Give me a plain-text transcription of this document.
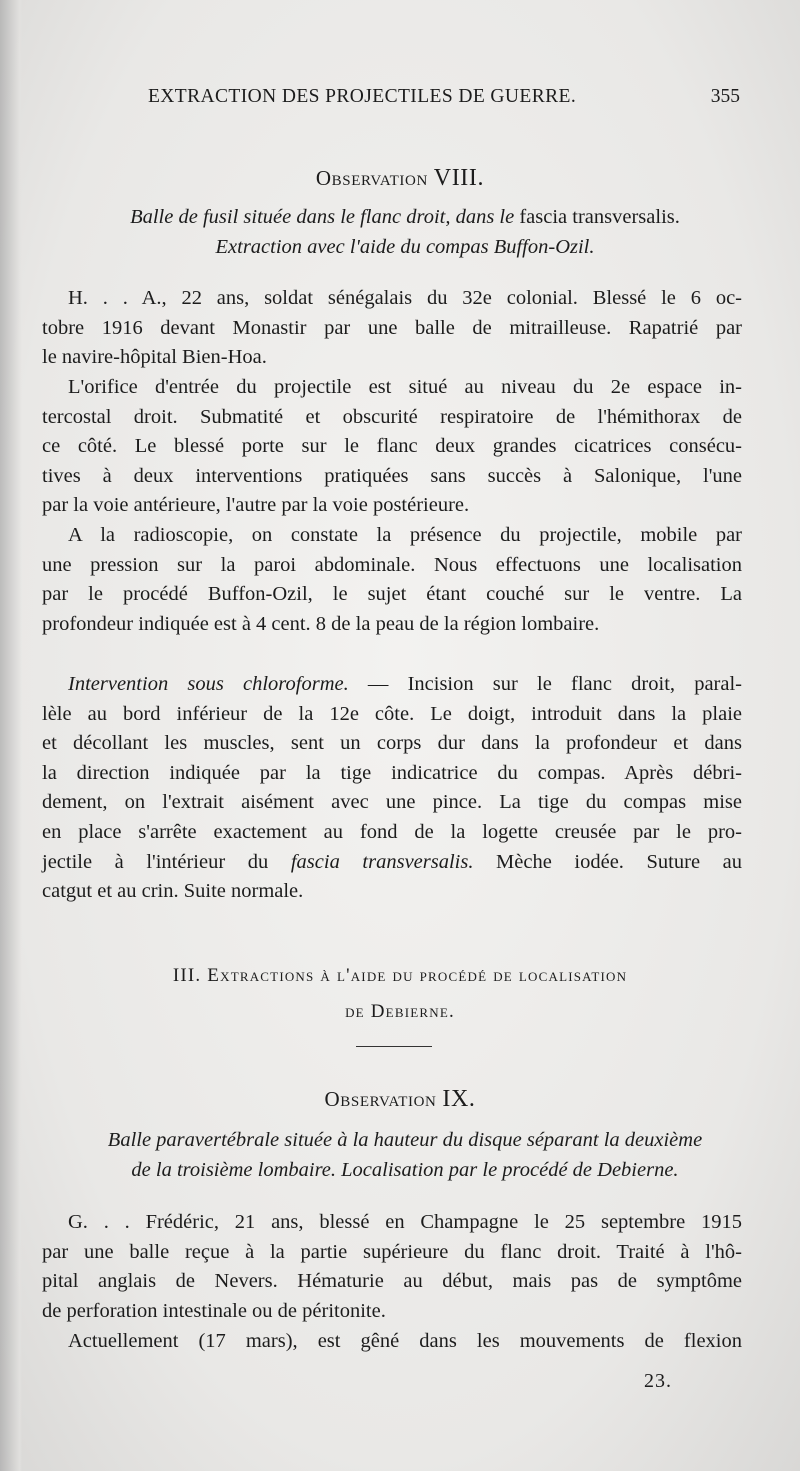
EXTRACTION DES PROJECTILES DE GUERRE.	355
Observation VIII.
Balle de fusil située dans le flanc droit, dans le fascia transversalis.
Extraction avec l'aide du compas Buffon-Ozil.
H. . . A., 22 ans, soldat sénégalais du 32e colonial. Blessé le 6 oc-
tobre 1916 devant Monastir par une balle de mitrailleuse. Rapatrié par
le navire-hôpital Bien-Hoa.
L'orifice d'entrée du projectile est situé au niveau du 2e espace in-
tercostal droit. Submatité et obscurité respiratoire de l'hémithorax de
ce côté. Le blessé porte sur le flanc deux grandes cicatrices consécu-
tives à deux interventions pratiquées sans succès à Salonique, l'une
par la voie antérieure, l'autre par la voie postérieure.
A la radioscopie, on constate la présence du projectile, mobile par
une pression sur la paroi abdominale. Nous effectuons une localisation
par le procédé Buffon-Ozil, le sujet étant couché sur le ventre. La
profondeur indiquée est à 4 cent. 8 de la peau de la région lombaire.
Intervention sous chloroforme. — Incision sur le flanc droit, paral-
lèle au bord inférieur de la 12e côte. Le doigt, introduit dans la plaie
et décollant les muscles, sent un corps dur dans la profondeur et dans
la direction indiquée par la tige indicatrice du compas. Après débri-
dement, on l'extrait aisément avec une pince. La tige du compas mise
en place s'arrête exactement au fond de la logette creusée par le pro-
jectile à l'intérieur du fascia transversalis. Mèche iodée. Suture au
catgut et au crin. Suite normale.
III. Extractions à l'aide du procédé de localisation
de Debierne.
Observation IX.
Balle paravertébrale située à la hauteur du disque séparant la deuxième
de la troisième lombaire. Localisation par le procédé de Debierne.
G. . . Frédéric, 21 ans, blessé en Champagne le 25 septembre 1915
par une balle reçue à la partie supérieure du flanc droit. Traité à l'hô-
pital anglais de Nevers. Hématurie au début, mais pas de symptôme
de perforation intestinale ou de péritonite.
Actuellement (17 mars), est gêné dans les mouvements de flexion
23.
